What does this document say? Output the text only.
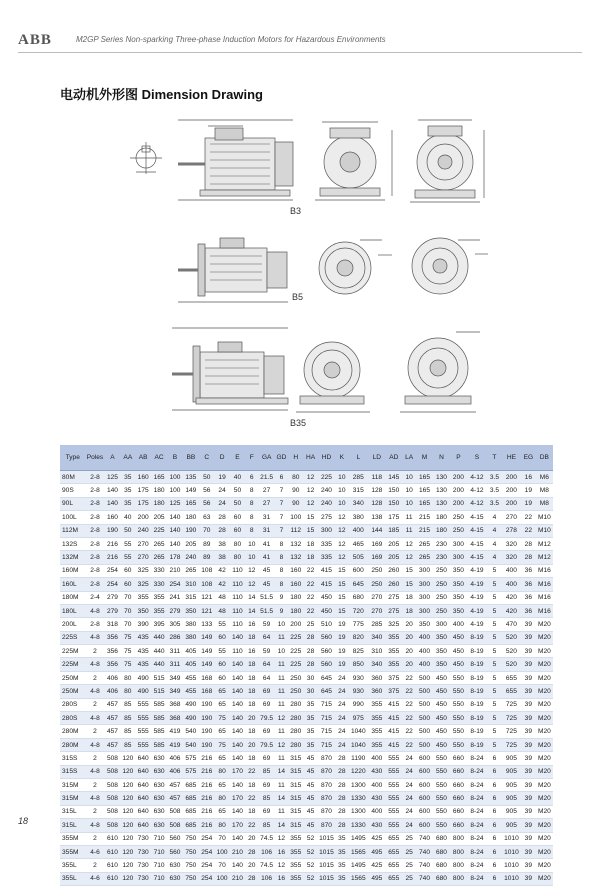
ABB	M2GP Series Non-sparking Three-phase Induction Motors for Hazardous Environments
电动机外形图 Dimension Drawing
B3
B5
B35
Type	Poles	A	AA	AB	AC	B	BB	C	D	E	F	GA	GD	H	HA	HD	K	L	LD	AD	LA	M	N	P	S	T	HE	EG	DB
80M	2-8	125	35	160	165	100	135	50	19	40	6	21.5	6	80	12	225	10	285	118	145	10	165	130	200	4-12	3.5	200	16	M6
90S	2-8	140	35	175	180	100	149	56	24	50	8	27	7	90	12	240	10	315	128	150	10	165	130	200	4-12	3.5	200	19	M8
90L	2-8	140	35	175	180	125	165	56	24	50	8	27	7	90	12	240	10	340	128	150	10	165	130	200	4-12	3.5	200	19	M8
100L	2-8	160	40	200	205	140	180	63	28	60	8	31	7	100	15	275	12	380	138	175	11	215	180	250	4-15	4	270	22	M10
112M	2-8	190	50	240	225	140	190	70	28	60	8	31	7	112	15	300	12	400	144	185	11	215	180	250	4-15	4	278	22	M10
132S	2-8	216	55	270	265	140	205	89	38	80	10	41	8	132	18	335	12	465	169	205	12	265	230	300	4-15	4	320	28	M12
132M	2-8	216	55	270	265	178	240	89	38	80	10	41	8	132	18	335	12	505	169	205	12	265	230	300	4-15	4	320	28	M12
160M	2-8	254	60	325	330	210	265	108	42	110	12	45	8	160	22	415	15	600	250	260	15	300	250	350	4-19	5	400	36	M16
160L	2-8	254	60	325	330	254	310	108	42	110	12	45	8	160	22	415	15	645	250	260	15	300	250	350	4-19	5	400	36	M16
180M	2-4	279	70	355	355	241	315	121	48	110	14	51.5	9	180	22	450	15	680	270	275	18	300	250	350	4-19	5	420	36	M16
180L	4-8	279	70	350	355	279	350	121	48	110	14	51.5	9	180	22	450	15	720	270	275	18	300	250	350	4-19	5	420	36	M16
200L	2-8	318	70	390	395	305	380	133	55	110	16	59	10	200	25	510	19	775	285	325	20	350	300	400	4-19	5	470	39	M20
225S	4-8	356	75	435	440	286	380	149	60	140	18	64	11	225	28	560	19	820	340	355	20	400	350	450	8-19	5	520	39	M20
225M	2	356	75	435	440	311	405	149	55	110	16	59	10	225	28	560	19	825	310	355	20	400	350	450	8-19	5	520	39	M20
225M	4-8	356	75	435	440	311	405	149	60	140	18	64	11	225	28	560	19	850	340	355	20	400	350	450	8-19	5	520	39	M20
250M	2	406	80	490	515	349	455	168	60	140	18	64	11	250	30	645	24	930	360	375	22	500	450	550	8-19	5	655	39	M20
250M	4-8	406	80	490	515	349	455	168	65	140	18	69	11	250	30	645	24	930	360	375	22	500	450	550	8-19	5	655	39	M20
280S	2	457	85	555	585	368	490	190	65	140	18	69	11	280	35	715	24	990	355	415	22	500	450	550	8-19	5	725	39	M20
280S	4-8	457	85	555	585	368	490	190	75	140	20	79.5	12	280	35	715	24	975	355	415	22	500	450	550	8-19	5	725	39	M20
280M	2	457	85	555	585	419	540	190	65	140	18	69	11	280	35	715	24	1040	355	415	22	500	450	550	8-19	5	725	39	M20
280M	4-8	457	85	555	585	419	540	190	75	140	20	79.5	12	280	35	715	24	1040	355	415	22	500	450	550	8-19	5	725	39	M20
315S	2	508	120	640	630	406	575	216	65	140	18	69	11	315	45	870	28	1190	400	555	24	600	550	660	8-24	6	905	39	M20
315S	4-8	508	120	640	630	406	575	216	80	170	22	85	14	315	45	870	28	1220	430	555	24	600	550	660	8-24	6	905	39	M20
315M	2	508	120	640	630	457	685	216	65	140	18	69	11	315	45	870	28	1300	400	555	24	600	550	660	8-24	6	905	39	M20
315M	4-8	508	120	640	630	457	685	216	80	170	22	85	14	315	45	870	28	1330	430	555	24	600	550	660	8-24	6	905	39	M20
315L	2	508	120	640	630	508	685	216	65	140	18	69	11	315	45	870	28	1300	400	555	24	600	550	660	8-24	6	905	39	M20
315L	4-8	508	120	640	630	508	685	216	80	170	22	85	14	315	45	870	28	1330	430	555	24	600	550	660	8-24	6	905	39	M20
355M	2	610	120	730	710	560	750	254	70	140	20	74.5	12	355	52	1015	35	1495	425	655	25	740	680	800	8-24	6	1010	39	M20
355M	4-6	610	120	730	710	560	750	254	100	210	28	106	16	355	52	1015	35	1565	495	655	25	740	680	800	8-24	6	1010	39	M20
355L	2	610	120	730	710	630	750	254	70	140	20	74.5	12	355	52	1015	35	1495	425	655	25	740	680	800	8-24	6	1010	39	M20
355L	4-6	610	120	730	710	630	750	254	100	210	28	106	16	355	52	1015	35	1565	495	655	25	740	680	800	8-24	6	1010	39	M20
18
